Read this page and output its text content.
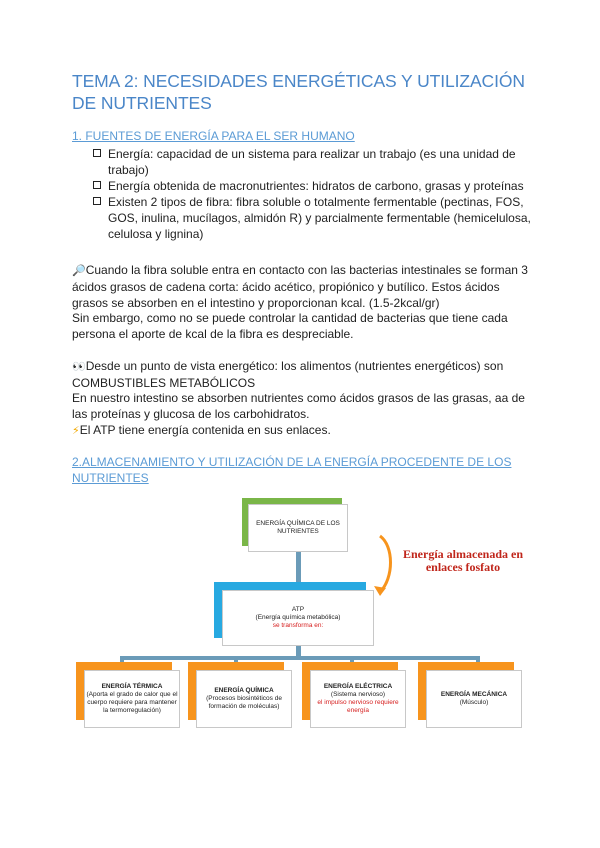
TEMA 2: NECESIDADES ENERGÉTICAS Y UTILIZACIÓN DE NUTRIENTES
1. FUENTES DE ENERGÍA PARA EL SER HUMANO
Energía: capacidad de un sistema para realizar un trabajo (es una unidad de trabajo)
Energía obtenida de macronutrientes: hidratos de carbono, grasas y proteínas
Existen 2 tipos de fibra: fibra soluble o totalmente fermentable (pectinas, FOS, GOS, inulina, mucílagos, almidón R) y parcialmente fermentable (hemicelulosa, celulosa y lignina)

🔎Cuando la fibra soluble entra en contacto con las bacterias intestinales se forman 3 ácidos grasos de cadena corta: ácido acético, propiónico y butílico. Estos ácidos grasos se absorben en el intestino y proporcionan kcal. (1.5-2kcal/gr)

Sin embargo, como no se puede controlar la cantidad de bacterias que tiene cada persona el aporte de kcal de la fibra es despreciable.

👀Desde un punto de vista energético: los alimentos (nutrientes energéticos) son COMBUSTIBLES METABÓLICOS

En nuestro intestino se absorben nutrientes como ácidos grasos de las grasas, aa de las proteínas y glucosa de los carbohidratos.

⚡El ATP tiene energía contenida en sus enlaces.

2.ALMACENAMIENTO Y UTILIZACIÓN DE LA ENERGÍA PROCEDENTE DE LOS NUTRIENTES
ENERGÍA QUÍMICA DE LOS NUTRIENTES
Energía almacenada en enlaces fosfato
ATP
(Energía química metabólica)
se transforma en:
ENERGÍA TÉRMICA
(Aporta el grado de calor que el cuerpo requiere para mantener la termorregulación)
ENERGÍA QUÍMICA
(Procesos biosintéticos de formación de moléculas)
ENERGÍA ELÉCTRICA
(Sistema nervioso)
el impulso nervioso requiere energía
ENERGÍA MECÁNICA
(Músculo)
